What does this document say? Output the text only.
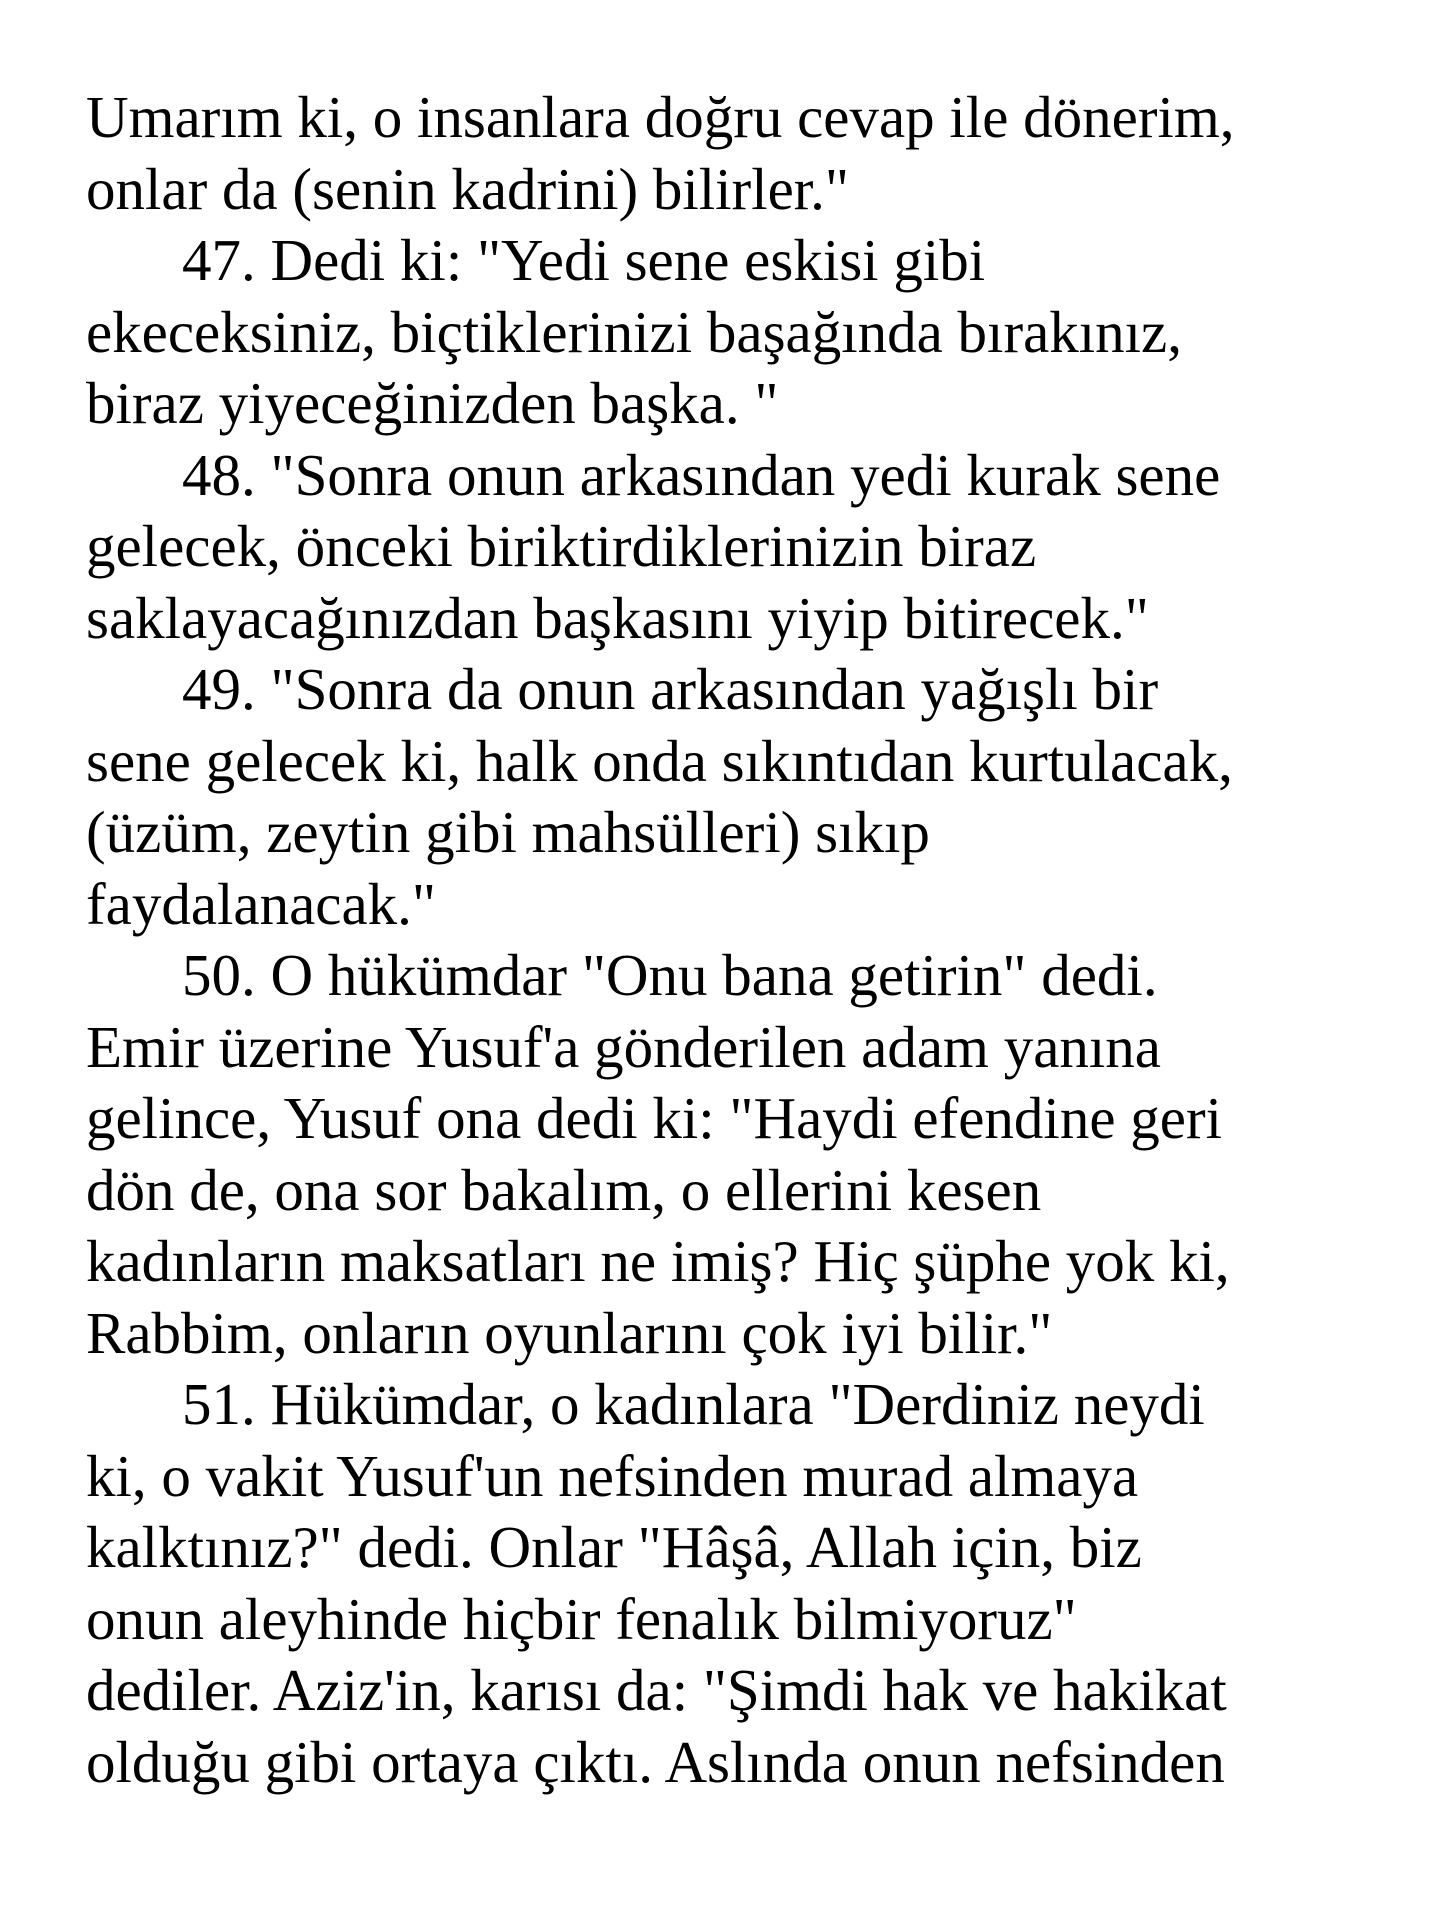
Umarım ki, o insanlara doğru cevap ile dönerim,
onlar da (senin kadrini) bilirler."
47. Dedi ki: "Yedi sene eskisi gibi
ekeceksiniz, biçtiklerinizi başağında bırakınız,
biraz yiyeceğinizden başka. "
48. "Sonra onun arkasından yedi kurak sene
gelecek, önceki biriktirdiklerinizin biraz
saklayacağınızdan başkasını yiyip bitirecek."
49. "Sonra da onun arkasından yağışlı bir
sene gelecek ki, halk onda sıkıntıdan kurtulacak,
(üzüm, zeytin gibi mahsülleri) sıkıp
faydalanacak."
50. O hükümdar "Onu bana getirin" dedi.
Emir üzerine Yusuf'a gönderilen adam yanına
gelince, Yusuf ona dedi ki: "Haydi efendine geri
dön de, ona sor bakalım, o ellerini kesen
kadınların maksatları ne imiş? Hiç şüphe yok ki,
Rabbim, onların oyunlarını çok iyi bilir."
51. Hükümdar, o kadınlara "Derdiniz neydi
ki, o vakit Yusuf'un nefsinden murad almaya
kalktınız?" dedi. Onlar "Hâşâ, Allah için, biz
onun aleyhinde hiçbir fenalık bilmiyoruz"
dediler. Aziz'in, karısı da: "Şimdi hak ve hakikat
olduğu gibi ortaya çıktı. Aslında onun nefsinden
